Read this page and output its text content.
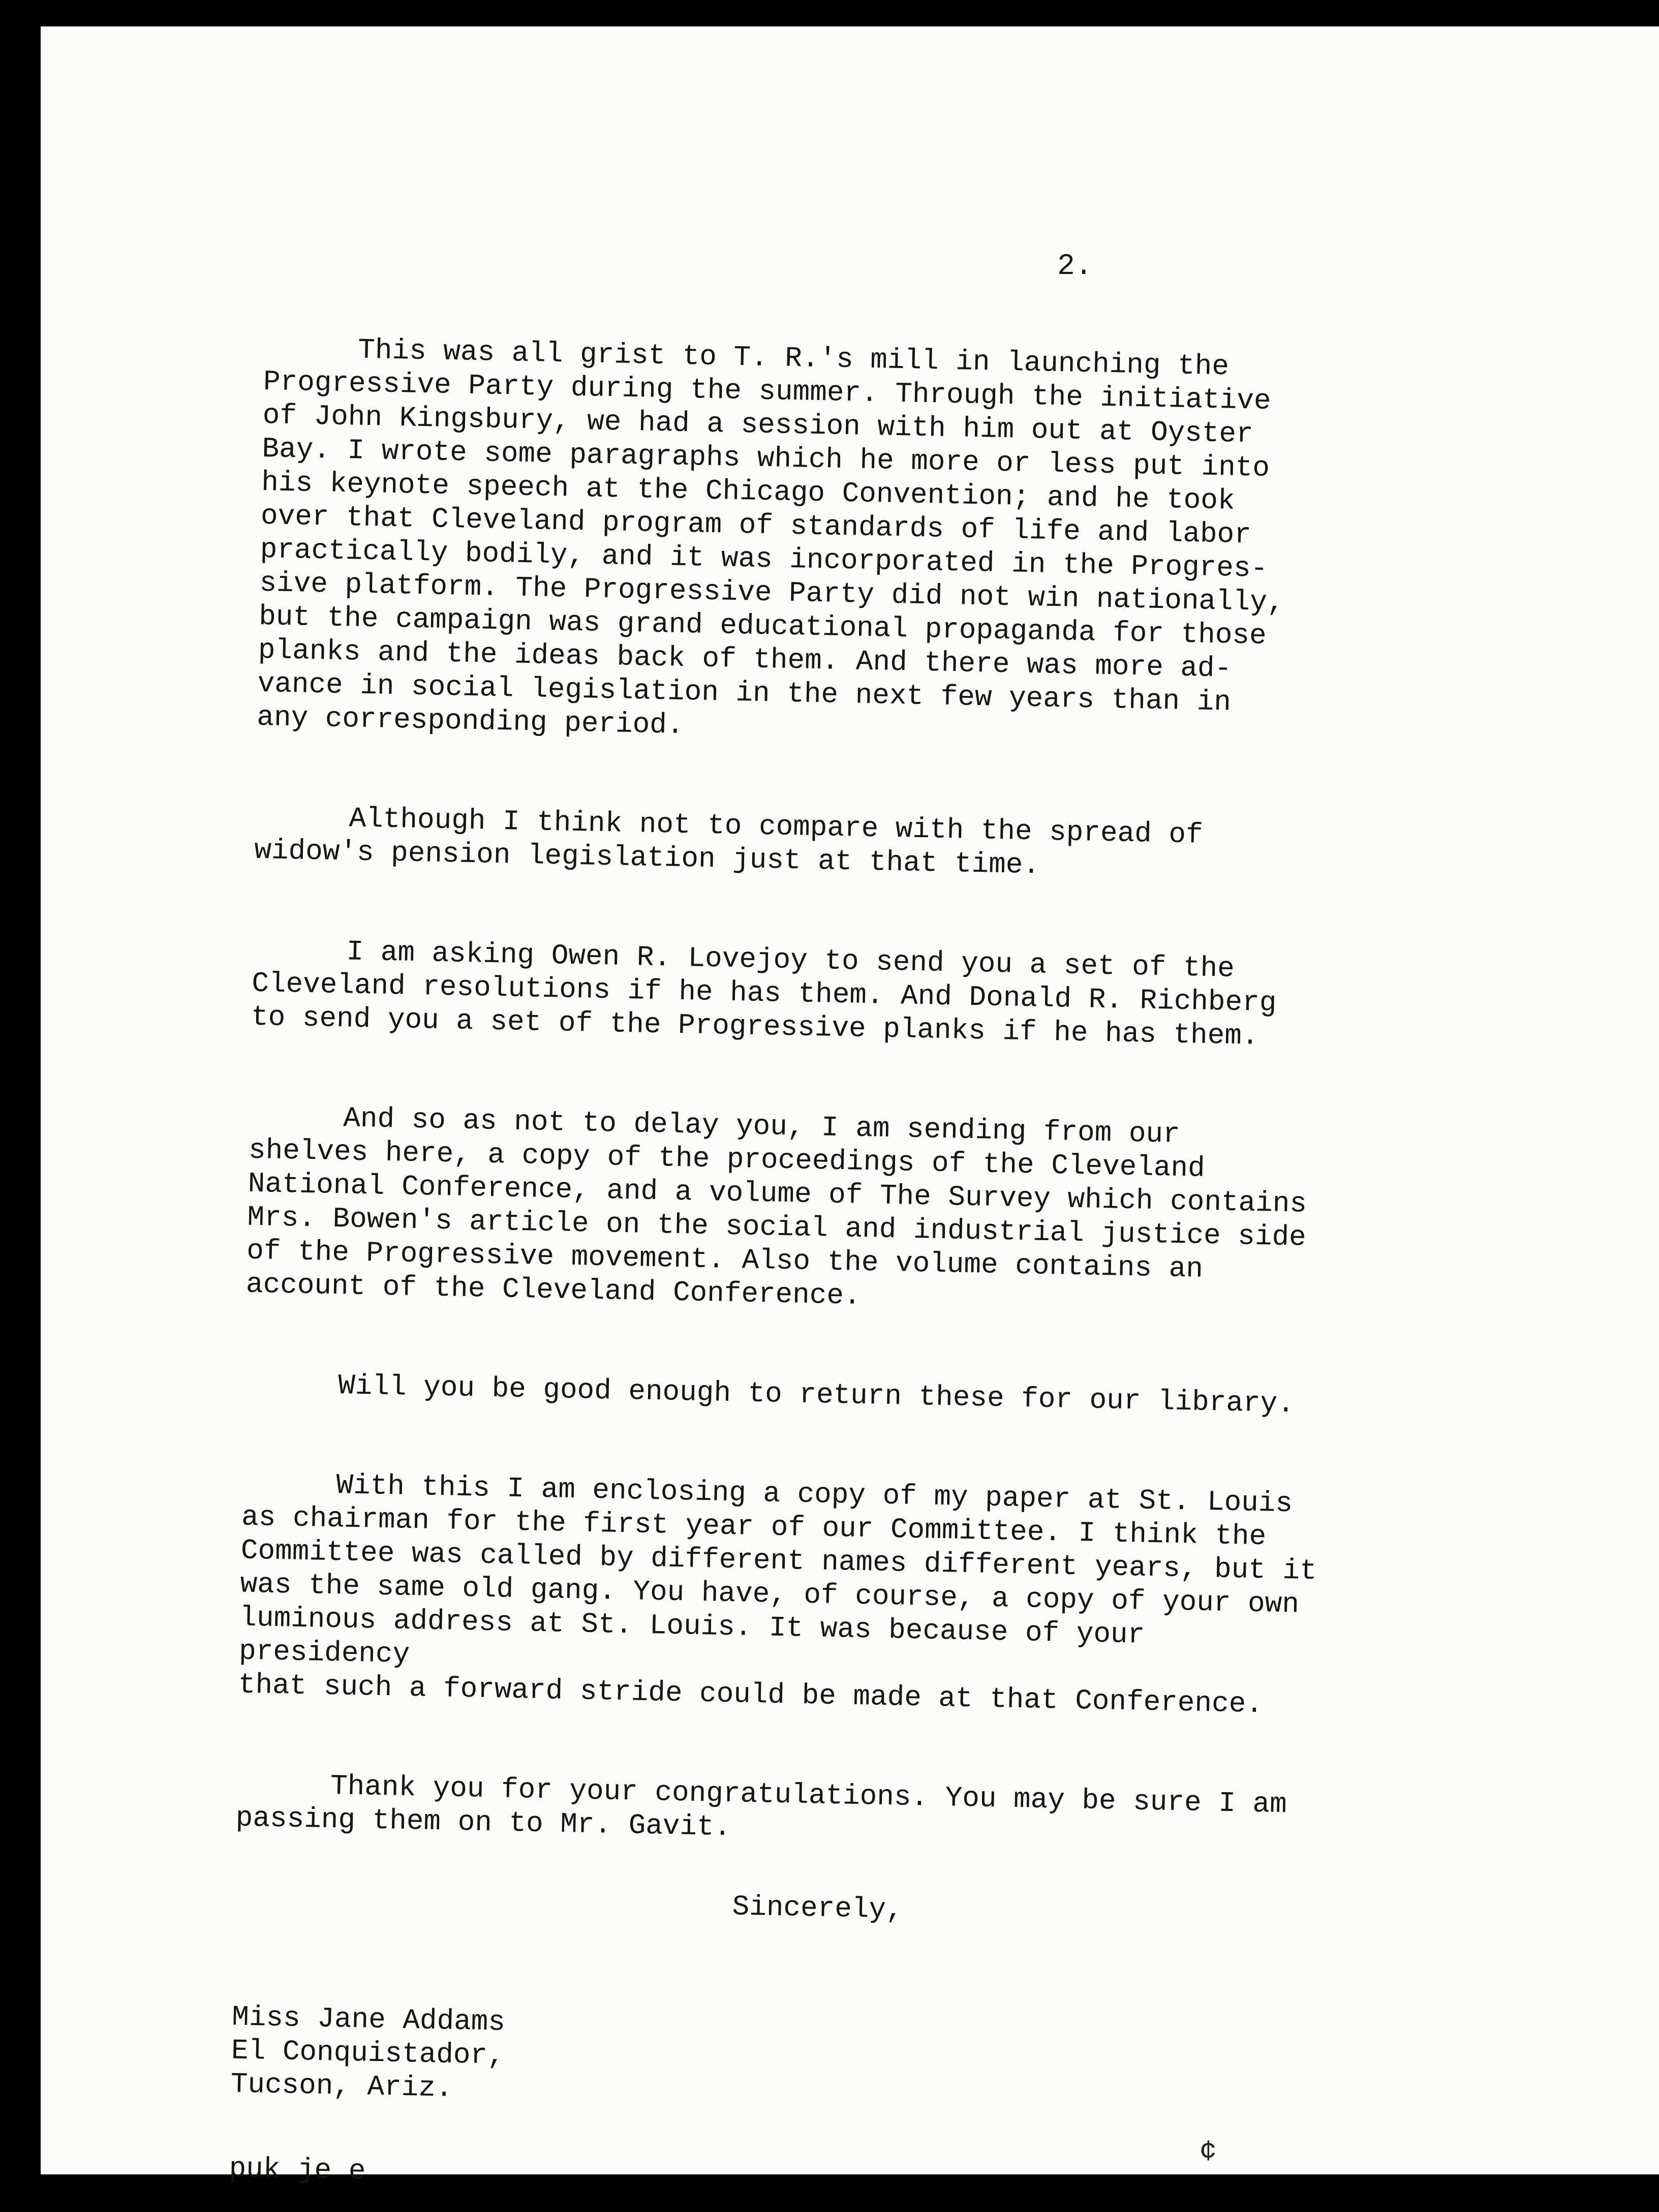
2.

This was all grist to T. R.'s mill in launching the
Progressive Party during the summer. Through the initiative
of John Kingsbury, we had a session with him out at Oyster
Bay. I wrote some paragraphs which he more or less put into
his keynote speech at the Chicago Convention; and he took
over that Cleveland program of standards of life and labor
practically bodily, and it was incorporated in the Progres-
sive platform. The Progressive Party did not win nationally,
but the campaign was grand educational propaganda for those
planks and the ideas back of them. And there was more ad-
vance in social legislation in the next few years than in
any corresponding period.

Although I think not to compare with the spread of
widow's pension legislation just at that time.

I am asking Owen R. Lovejoy to send you a set of the
Cleveland resolutions if he has them. And Donald R. Richberg
to send you a set of the Progressive planks if he has them.

And so as not to delay you, I am sending from our
shelves here, a copy of the proceedings of the Cleveland
National Conference, and a volume of The Survey which contains
Mrs. Bowen's article on the social and industrial justice side
of the Progressive movement. Also the volume contains an
account of the Cleveland Conference.

Will you be good enough to return these for our library.

With this I am enclosing a copy of my paper at St. Louis
as chairman for the first year of our Committee. I think the
Committee was called by different names different years, but it
was the same old gang. You have, of course, a copy of your own
luminous address at St. Louis. It was because of your presidency
that such a forward stride could be made at that Conference.

Thank you for your congratulations. You may be sure I am
passing them on to Mr. Gavit.

Sincerely,
Miss Jane Addams
El Conquistador,
Tucson, Ariz.
puk je e
¢
